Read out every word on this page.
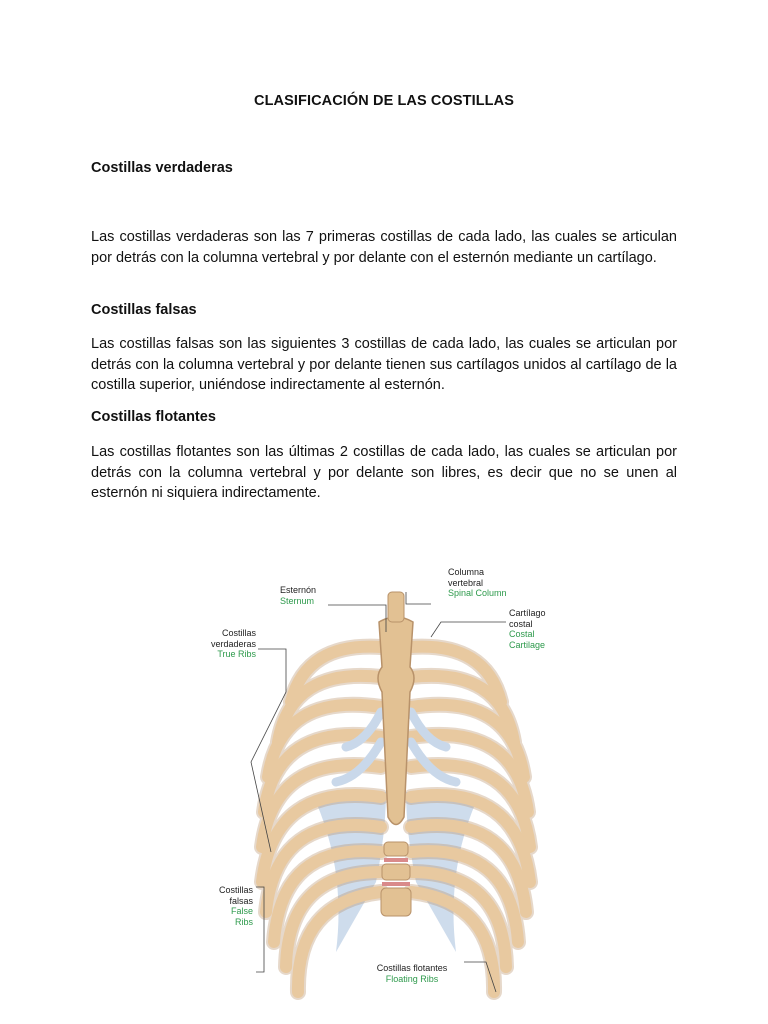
CLASIFICACIÓN DE LAS COSTILLAS
Costillas verdaderas
Las costillas verdaderas son las 7 primeras costillas de cada lado, las cuales se articulan por detrás con la columna vertebral y por delante con el esternón mediante un cartílago.
Costillas falsas
Las costillas falsas son las siguientes 3 costillas de cada lado, las cuales se articulan por detrás con la columna vertebral y por delante tienen sus cartílagos unidos al cartílago de la costilla superior, uniéndose indirectamente al esternón.
Costillas flotantes
Las costillas flotantes son las últimas 2 costillas de cada lado, las cuales se articulan por detrás con la columna vertebral y por delante son libres, es decir que no se unen al esternón ni siquiera indirectamente.
Esternón
Sternum
Columna
vertebral
Spinal Column
Cartílago
costal
Costal
Cartilage
Costillas
verdaderas
True Ribs
Costillas
falsas
False
Ribs
Costillas flotantes
Floating Ribs
